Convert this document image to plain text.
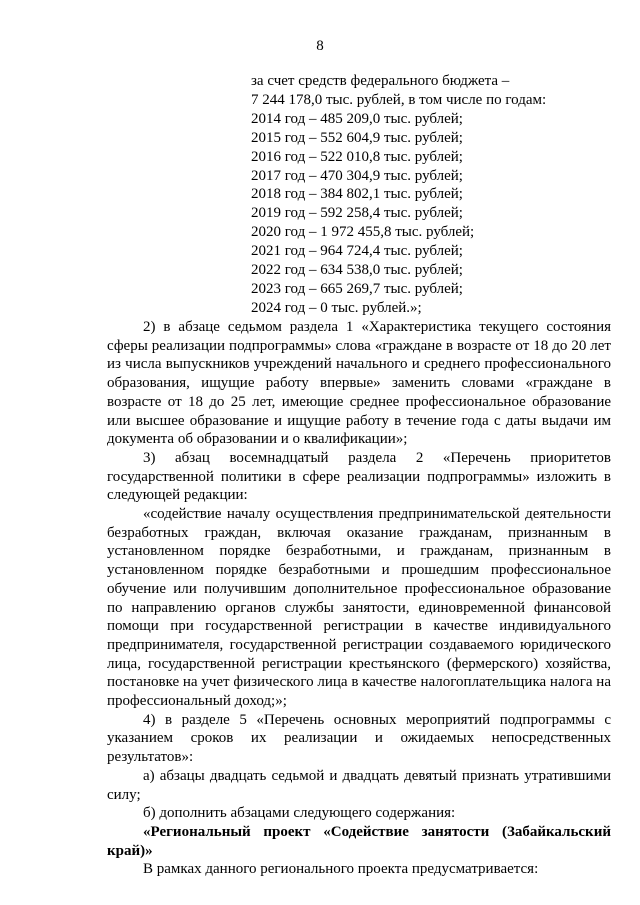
8
за счет средств федерального бюджета –
7 244 178,0 тыс. рублей, в том числе по годам:
2014 год – 485 209,0 тыс. рублей;
2015 год – 552 604,9 тыс. рублей;
2016 год – 522 010,8 тыс. рублей;
2017 год – 470 304,9 тыс. рублей;
2018 год – 384 802,1 тыс. рублей;
2019 год – 592 258,4 тыс. рублей;
2020 год – 1 972 455,8 тыс. рублей;
2021 год – 964 724,4 тыс. рублей;
2022 год – 634 538,0 тыс. рублей;
2023 год – 665 269,7 тыс. рублей;
2024 год – 0 тыс. рублей.»;

2) в абзаце седьмом раздела 1 «Характеристика текущего состояния сферы реализации подпрограммы» слова «граждане в возрасте от 18 до 20 лет из числа выпускников учреждений начального и среднего профессионального образования, ищущие работу впервые» заменить словами «граждане в возрасте от 18 до 25 лет, имеющие среднее профессиональное образование или высшее образование и ищущие работу в течение года с даты выдачи им документа об образовании и о квалификации»;

3) абзац восемнадцатый раздела 2 «Перечень приоритетов государственной политики в сфере реализации подпрограммы» изложить в следующей редакции:

«содействие началу осуществления предпринимательской деятельности безработных граждан, включая оказание гражданам, признанным в установленном порядке безработными, и гражданам, признанным в установленном порядке безработными и прошедшим профессиональное обучение или получившим дополнительное профессиональное образование по направлению органов службы занятости, единовременной финансовой помощи при государственной регистрации в качестве индивидуального предпринимателя, государственной регистрации создаваемого юридического лица, государственной регистрации крестьянского (фермерского) хозяйства, постановке на учет физического лица в качестве налогоплательщика налога на профессиональный доход;»;

4) в разделе 5 «Перечень основных мероприятий подпрограммы с указанием сроков их реализации и ожидаемых непосредственных результатов»:

а) абзацы двадцать седьмой и двадцать девятый признать утратившими силу;

б) дополнить абзацами следующего содержания:

«Региональный проект «Содействие занятости (Забайкальский край)»

В рамках данного регионального проекта предусматривается:
